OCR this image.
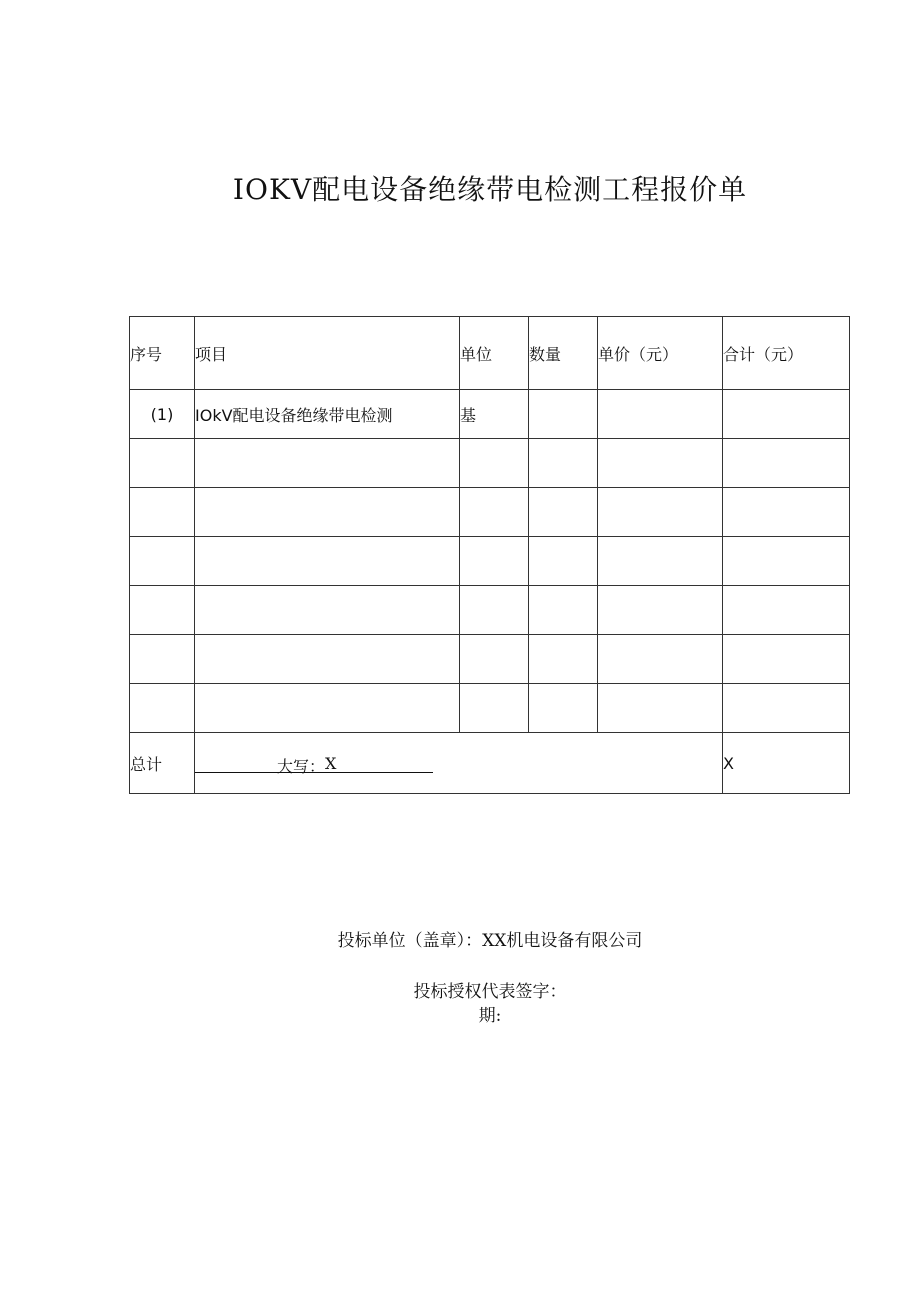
IOKV配电设备绝缘带电检测工程报价单
序号	项目	单位	数量	单价（元）	合计（元）
(1)	IOkV配电设备绝缘带电检测	基			

总计	大写：X				X
投标单位（盖章）：XX机电设备有限公司
投标授权代表签字：
期:
